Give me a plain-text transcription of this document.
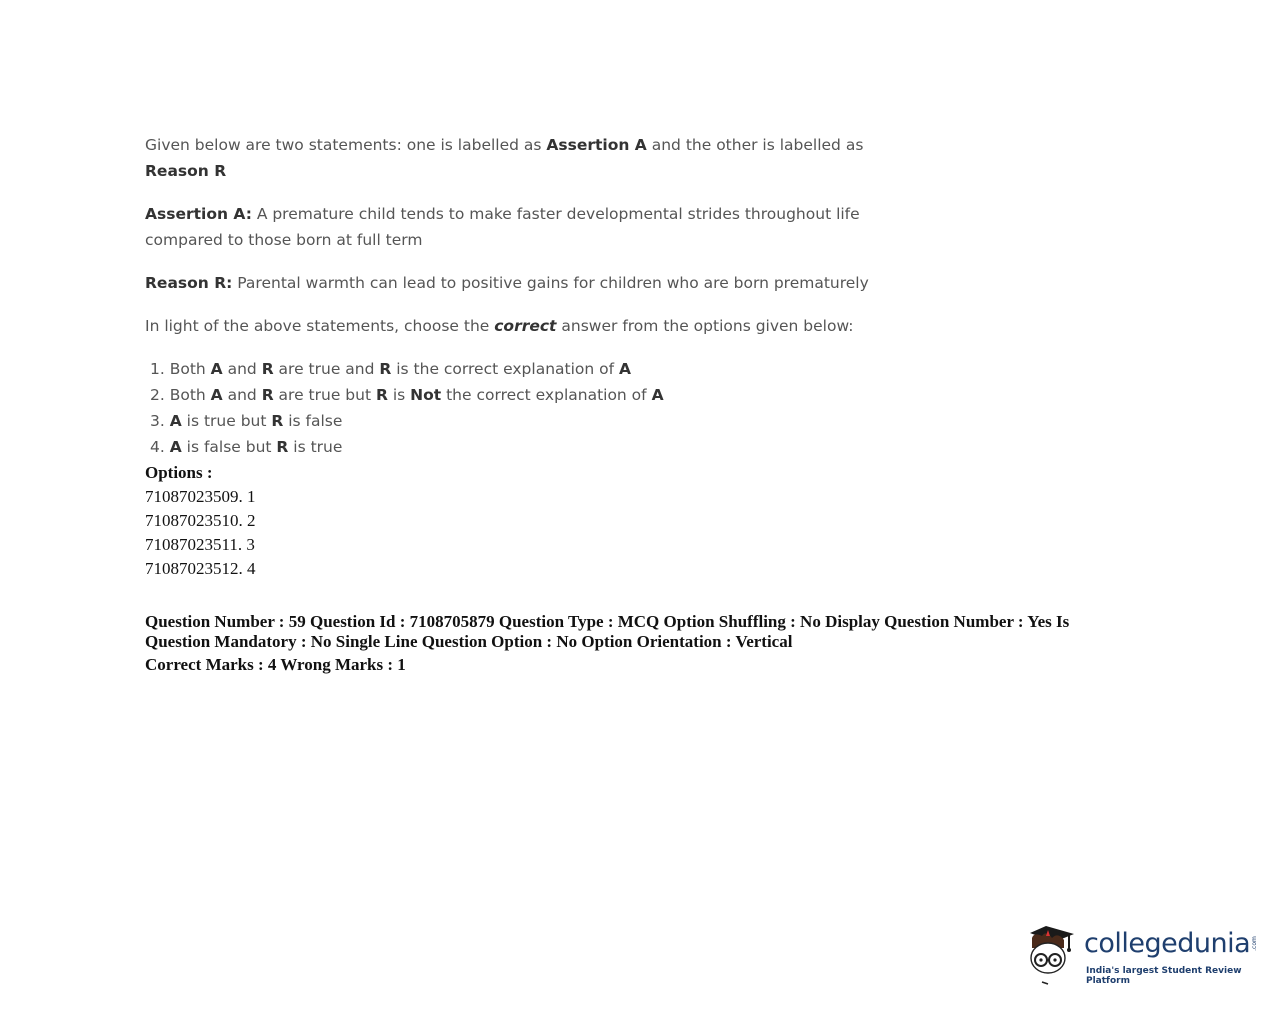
Given below are two statements: one is labelled as Assertion A and the other is labelled as Reason R

Assertion A: A premature child tends to make faster developmental strides throughout life compared to those born at full term

Reason R: Parental warmth can lead to positive gains for children who are born prematurely

In light of the above statements, choose the correct answer from the options given below:

1. Both A and R are true and R is the correct explanation of A
2. Both A and R are true but R is Not the correct explanation of A
3. A is true but R is false
4. A is false but R is true
Options :
71087023509. 1
71087023510. 2
71087023511. 3
71087023512. 4
Question Number : 59 Question Id : 7108705879 Question Type : MCQ Option Shuffling : No Display Question Number : Yes Is Question Mandatory : No Single Line Question Option : No Option Orientation : Vertical
Correct Marks : 4 Wrong Marks : 1
collegedunia .com
India's largest Student Review Platform
